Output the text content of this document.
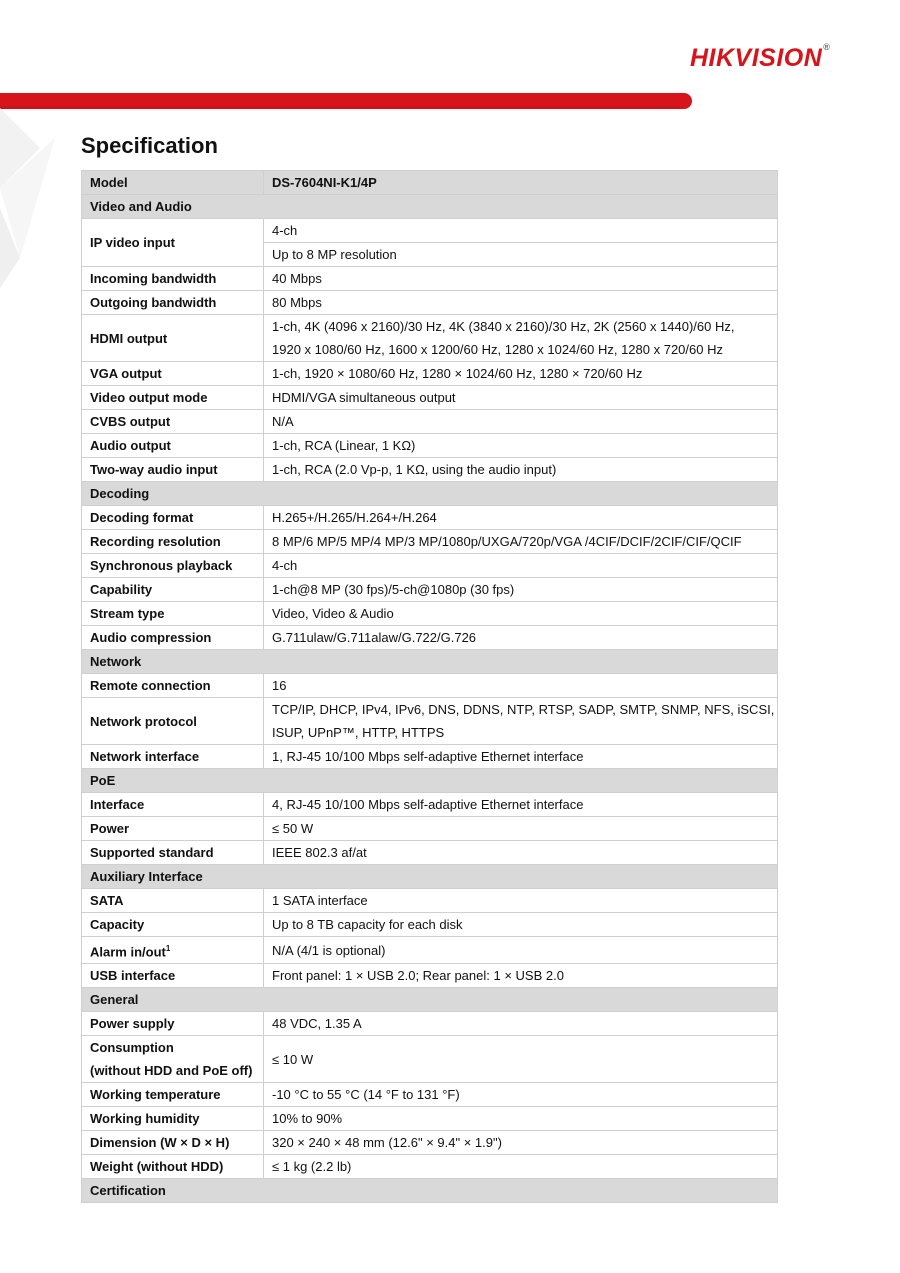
HIKVISION®
Specification
Model	DS-7604NI-K1/4P
Video and Audio	
IP video input	4-ch
	Up to 8 MP resolution
Incoming bandwidth	40 Mbps
Outgoing bandwidth	80 Mbps
HDMI output	1-ch, 4K (4096 x 2160)/30 Hz, 4K (3840 x 2160)/30 Hz, 2K (2560 x 1440)/60 Hz,
1920 x 1080/60 Hz, 1600 x 1200/60 Hz, 1280 x 1024/60 Hz, 1280 x 720/60 Hz
VGA output	1-ch, 1920 × 1080/60 Hz, 1280 × 1024/60 Hz, 1280 × 720/60 Hz
Video output mode	HDMI/VGA simultaneous output
CVBS output	N/A
Audio output	1-ch, RCA (Linear, 1 KΩ)
Two-way audio input	1-ch, RCA (2.0 Vp-p, 1 KΩ, using the audio input)
Decoding	
Decoding format	H.265+/H.265/H.264+/H.264
Recording resolution	8 MP/6 MP/5 MP/4 MP/3 MP/1080p/UXGA/720p/VGA /4CIF/DCIF/2CIF/CIF/QCIF
Synchronous playback	4-ch
Capability	1-ch@8 MP (30 fps)/5-ch@1080p (30 fps)
Stream type	Video, Video & Audio
Audio compression	G.711ulaw/G.711alaw/G.722/G.726
Network	
Remote connection	16
Network protocol	TCP/IP, DHCP, IPv4, IPv6, DNS, DDNS, NTP, RTSP, SADP, SMTP, SNMP, NFS, iSCSI,
ISUP, UPnP™, HTTP, HTTPS
Network interface	1, RJ-45 10/100 Mbps self-adaptive Ethernet interface
PoE	
Interface	4, RJ-45 10/100 Mbps self-adaptive Ethernet interface
Power	≤ 50 W
Supported standard	IEEE 802.3 af/at
Auxiliary Interface	
SATA	1 SATA interface
Capacity	Up to 8 TB capacity for each disk
Alarm in/out$^1$	N/A (4/1 is optional)
USB interface	Front panel: 1 × USB 2.0; Rear panel: 1 × USB 2.0
General	
Power supply	48 VDC, 1.35 A
Consumption
(without HDD and PoE off)	≤ 10 W
Working temperature	-10 °C to 55 °C (14 °F to 131 °F)
Working humidity	10% to 90%
Dimension (W × D × H)	320 × 240 × 48 mm (12.6" × 9.4" × 1.9")
Weight (without HDD)	≤ 1 kg (2.2 lb)
Certification	
